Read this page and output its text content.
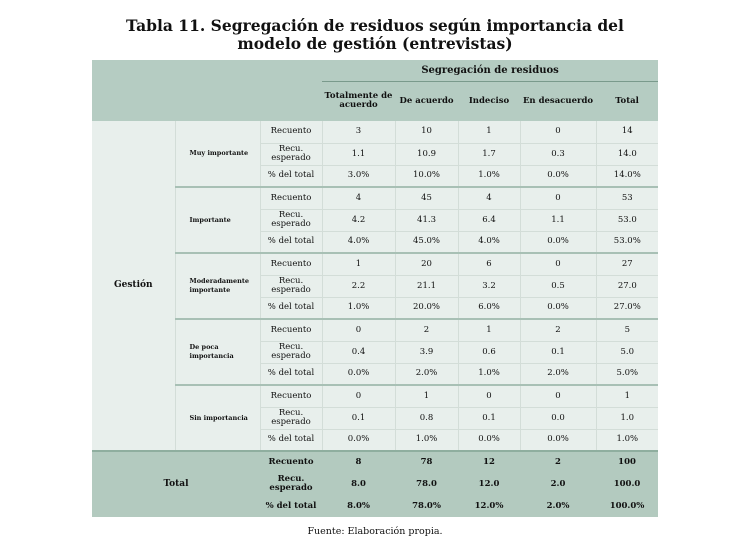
Tabla 11. Segregación de residuos según importancia del
modelo de gestión (entrevistas)
			Segregación de residuos				
			Totalmente de acuerdo	De acuerdo	Indeciso	En desacuerdo	Total
Gestión	Muy importante	Recuento	3	10	1	0	14
		Recu. esperado	1.1	10.9	1.7	0.3	14.0
		% del total	3.0%	10.0%	1.0%	0.0%	14.0%
	Importante	Recuento	4	45	4	0	53
		Recu. esperado	4.2	41.3	6.4	1.1	53.0
		% del total	4.0%	45.0%	4.0%	0.0%	53.0%
	Moderadamente importante	Recuento	1	20	6	0	27
		Recu. esperado	2.2	21.1	3.2	0.5	27.0
		% del total	1.0%	20.0%	6.0%	0.0%	27.0%
	De poca importancia	Recuento	0	2	1	2	5
		Recu. esperado	0.4	3.9	0.6	0.1	5.0
		% del total	0.0%	2.0%	1.0%	2.0%	5.0%
	Sin importancia	Recuento	0	1	0	0	1
		Recu. esperado	0.1	0.8	0.1	0.0	1.0
		% del total	0.0%	1.0%	0.0%	0.0%	1.0%
Total		Recuento	8	78	12	2	100
		Recu. esperado	8.0	78.0	12.0	2.0	100.0
		% del total	8.0%	78.0%	12.0%	2.0%	100.0%
Fuente: Elaboración propia.
